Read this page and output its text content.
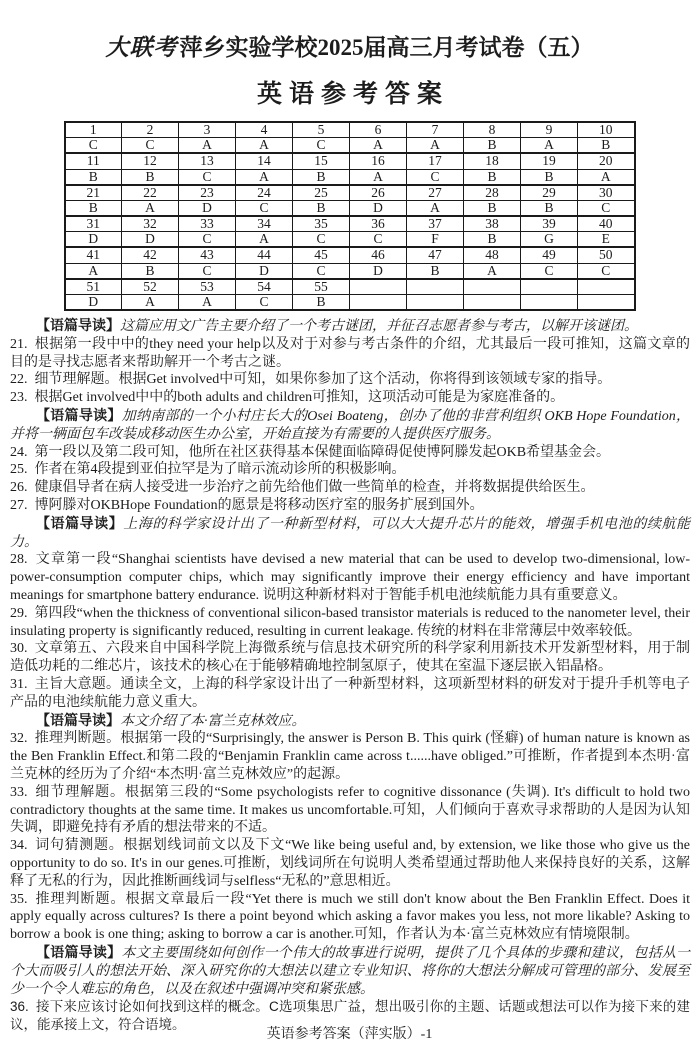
大联考萍乡实验学校2025届高三月考试卷（五）
英语参考答案
1	2	3	4	5	6	7	8	9	10
C	C	A	A	C	A	A	B	A	B
11	12	13	14	15	16	17	18	19	20
B	B	C	A	B	A	C	B	B	A
21	22	23	24	25	26	27	28	29	30
B	A	D	C	B	D	A	B	B	C
31	32	33	34	35	36	37	38	39	40
D	D	C	A	C	C	F	B	G	E
41	42	43	44	45	46	47	48	49	50
A	B	C	D	C	D	B	A	C	C
51	52	53	54	55					
D	A	A	C	B					

【语篇导读】这篇应用文广告主要介绍了一个考古谜团，并征召志愿者参与考古，以解开该谜团。

21. 根据第一段中中的they need your help以及对于对参与考古条件的介绍，尤其最后一段可推知，这篇文章的目的是寻找志愿者来帮助解开一个考古之谜。

22. 细节理解题。根据Get involved中可知，如果你参加了这个活动，你将得到该领域专家的指导。

23. 根据Get involved中中的both adults and children可推知，这项活动可能是为家庭准备的。

【语篇导读】加纳南部的一个小村庄长大的Osei Boateng，创办了他的非营利组织 OKB Hope Foundation，并将一辆面包车改装成移动医生办公室，开始直接为有需要的人提供医疗服务。

24. 第一段以及第二段可知，他所在社区获得基本保健面临障碍促使博阿滕发起OKB希望基金会。

25. 作者在第4段提到亚伯拉罕是为了暗示流动诊所的积极影响。

26. 健康倡导者在病人接受进一步治疗之前先给他们做一些简单的检查，并将数据提供给医生。

27. 博阿滕对OKBHope Foundation的愿景是将移动医疗室的服务扩展到国外。

【语篇导读】上海的科学家设计出了一种新型材料，可以大大提升芯片的能效，增强手机电池的续航能力。

28. 文章第一段“Shanghai scientists have devised a new material that can be used to develop two-dimensional, low-power-consumption computer chips, which may significantly improve their energy efficiency and have important meanings for smartphone battery endurance. 说明这种新材料对于智能手机电池续航能力具有重要意义。

29. 第四段“when the thickness of conventional silicon-based transistor materials is reduced to the nanometer level, their insulating property is significantly reduced, resulting in current leakage. 传统的材料在非常薄层中效率较低。

30. 文章第五、六段来自中国科学院上海微系统与信息技术研究所的科学家利用新技术开发新型材料，用于制造低功耗的二维芯片，该技术的核心在于能够精确地控制氢原子，使其在室温下逐层嵌入铝晶格。

31. 主旨大意题。通读全文，上海的科学家设计出了一种新型材料，这项新型材料的研发对于提升手机等电子产品的电池续航能力意义重大。

【语篇导读】本文介绍了本·富兰克林效应。

32. 推理判断题。根据第一段的“Surprisingly, the answer is Person B. This quirk (怪癖) of human nature is known as the Ben Franklin Effect.和第二段的“Benjamin Franklin came across t......have obliged.”可推断，作者提到本杰明·富兰克林的经历为了介绍“本杰明·富兰克林效应”的起源。

33. 细节理解题。根据第三段的“Some psychologists refer to cognitive dissonance (失调). It's difficult to hold two contradictory thoughts at the same time. It makes us uncomfortable.可知，人们倾向于喜欢寻求帮助的人是因为认知失调，即避免持有矛盾的想法带来的不适。

34. 词句猜测题。根据划线词前文以及下文“We like being useful and, by extension, we like those who give us the opportunity to do so. It's in our genes.可推断，划线词所在句说明人类希望通过帮助他人来保持良好的关系，这解释了无私的行为，因此推断画线词与selfless“无私的”意思相近。

35. 推理判断题。根据文章最后一段“Yet there is much we still don't know about the Ben Franklin Effect. Does it apply equally across cultures? Is there a point beyond which asking a favor makes you less, not more likable? Asking to borrow a book is one thing; asking to borrow a car is another.可知，作者认为本·富兰克林效应有情境限制。

【语篇导读】本文主要围绕如何创作一个伟大的故事进行说明，提供了几个具体的步骤和建议，包括从一个大而吸引人的想法开始、深入研究你的大想法以建立专业知识、将你的大想法分解成可管理的部分、发展至少一个令人难忘的角色，以及在叙述中强调冲突和紧张感。

36. 接下来应该讨论如何找到这样的概念。C选项集思广益，想出吸引你的主题、话题或想法可以作为接下来的建议，能承接上文，符合语境。

英语参考答案（萍实版）-1
